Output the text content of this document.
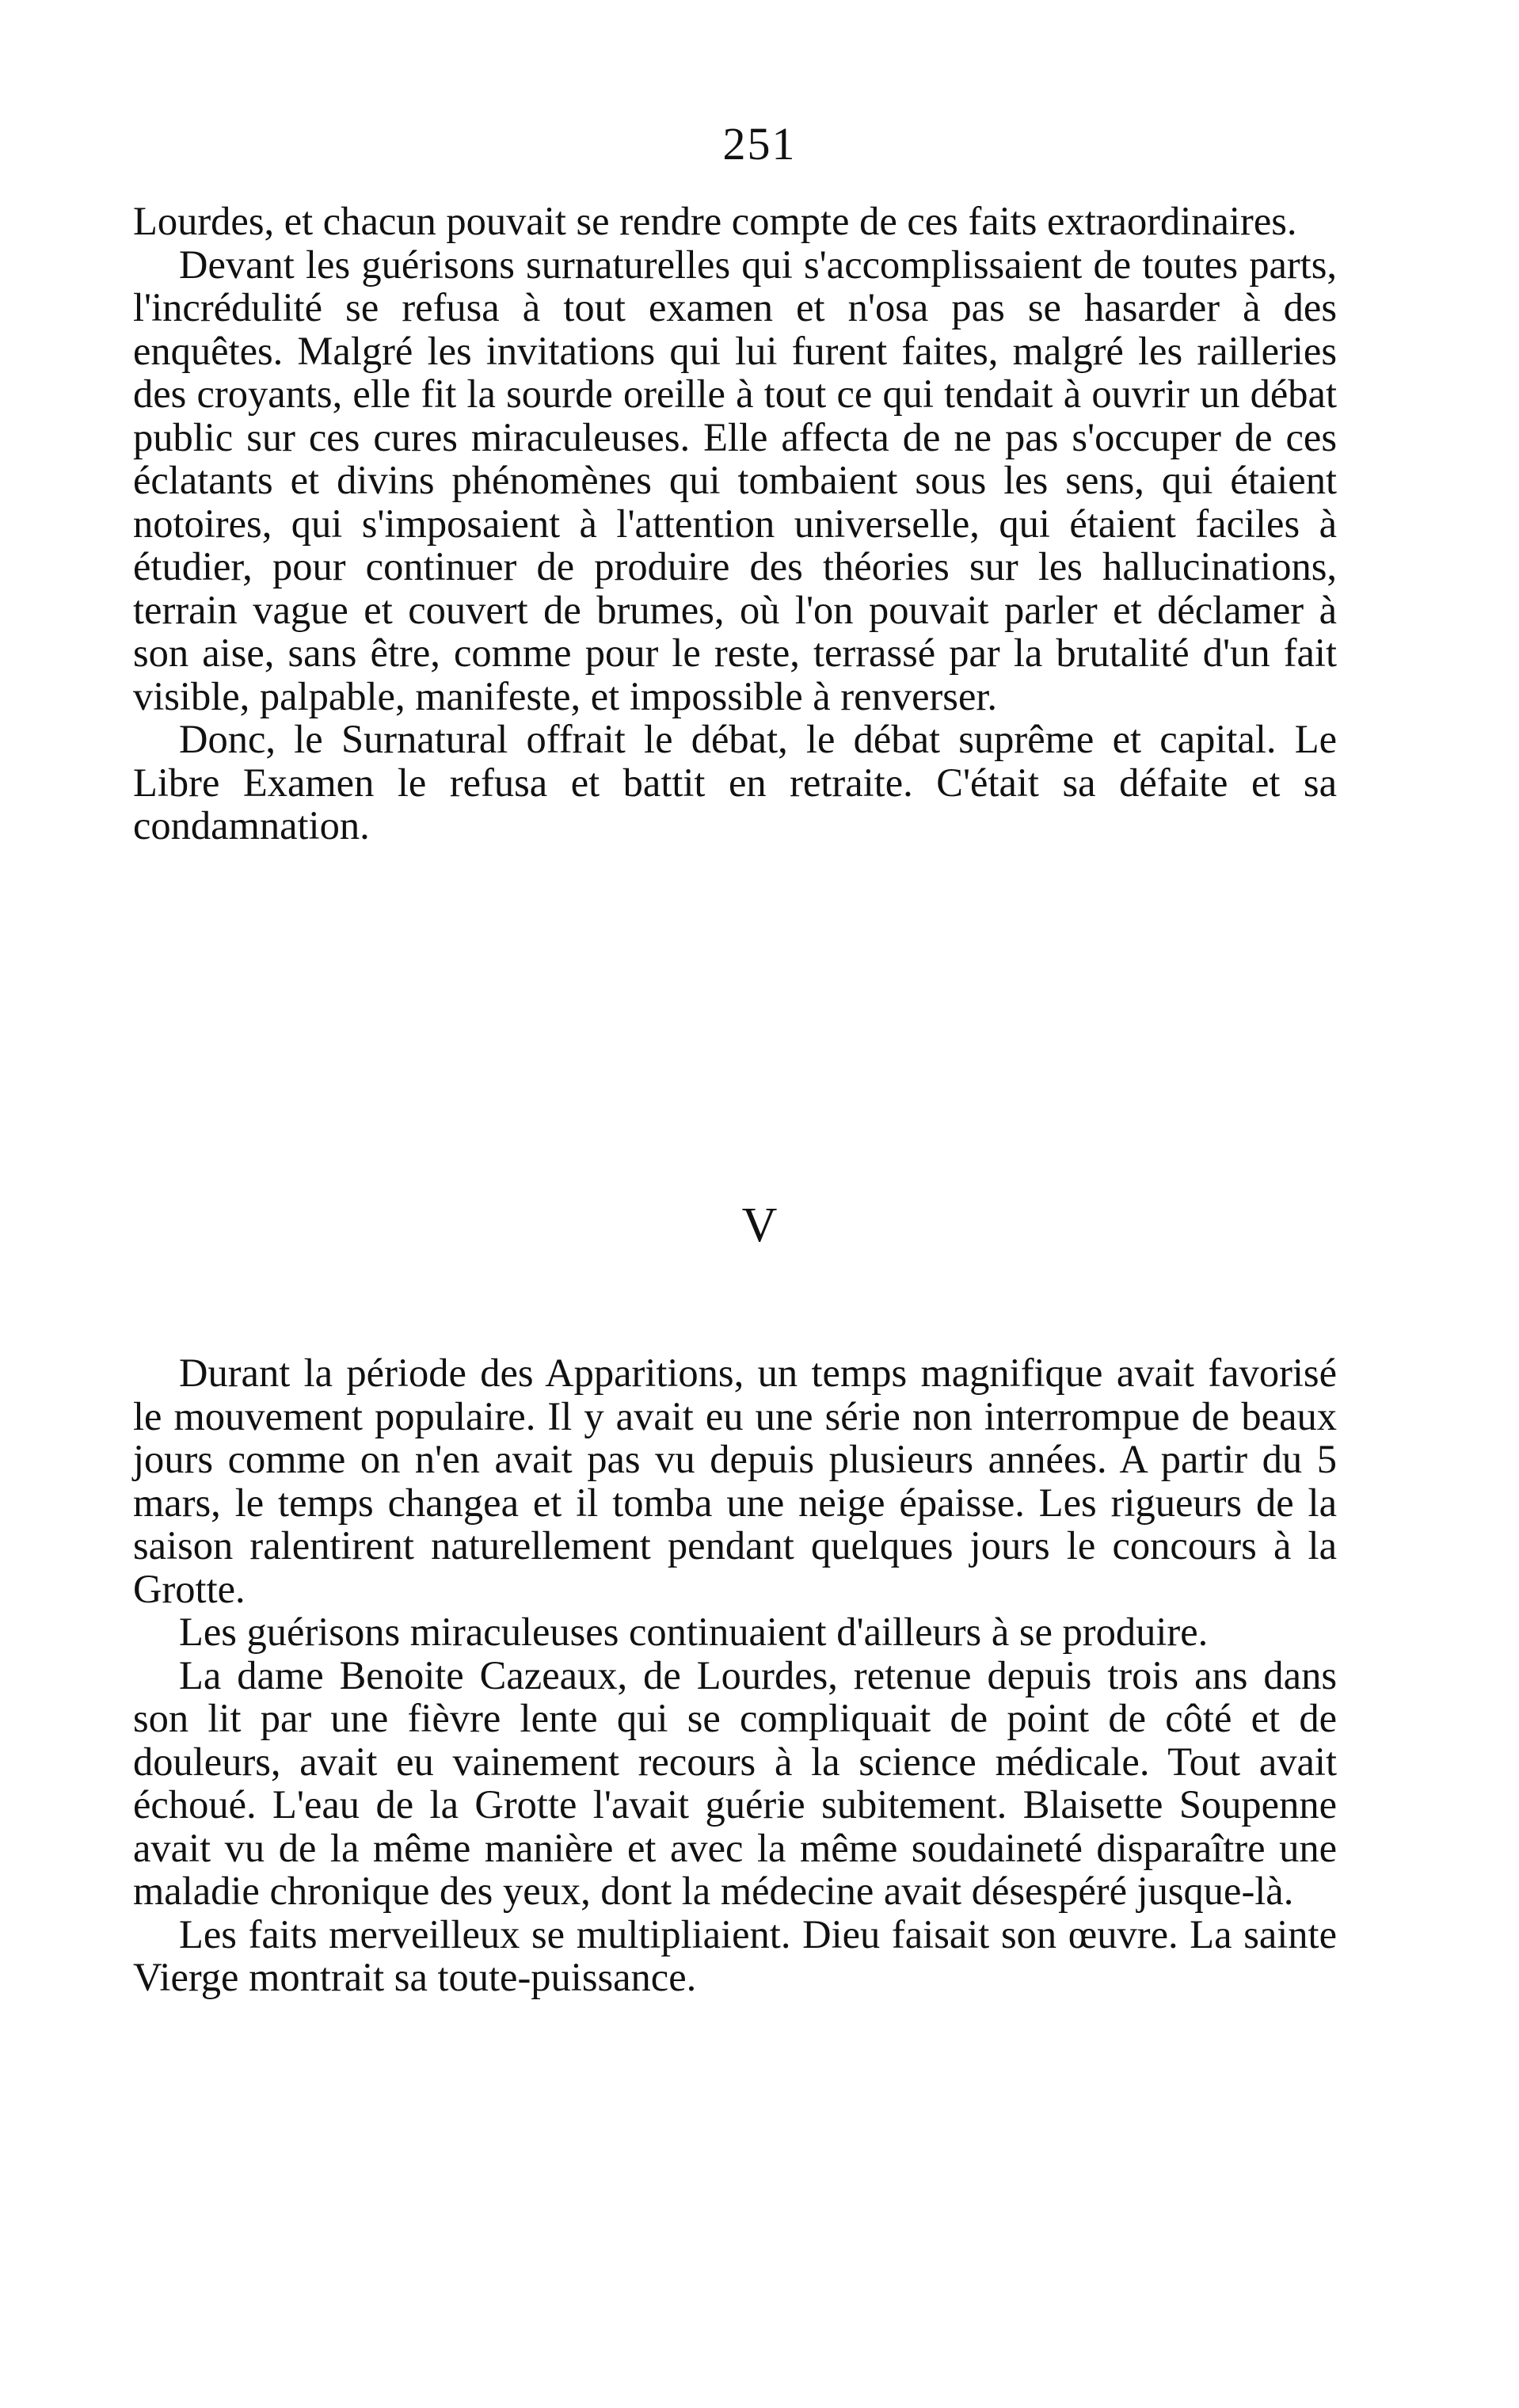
251

Lourdes, et chacun pouvait se rendre compte de ces faits extraordinaires.

Devant les guérisons surnaturelles qui s'accomplissaient de toutes parts, l'incrédulité se refusa à tout examen et n'osa pas se hasarder à des enquêtes. Malgré les invitations qui lui furent faites, malgré les railleries des croyants, elle fit la sourde oreille à tout ce qui tendait à ouvrir un débat public sur ces cures miraculeuses. Elle affecta de ne pas s'occuper de ces éclatants et divins phénomènes qui tombaient sous les sens, qui étaient notoires, qui s'imposaient à l'attention universelle, qui étaient faciles à étudier, pour continuer de produire des théories sur les hallucinations, terrain vague et couvert de brumes, où l'on pouvait parler et déclamer à son aise, sans être, comme pour le reste, terrassé par la brutalité d'un fait visible, palpable, manifeste, et impossible à renverser.

Donc, le Surnatural offrait le débat, le débat suprême et capital. Le Libre Examen le refusa et battit en retraite. C'était sa défaite et sa condamnation.

V

Durant la période des Apparitions, un temps magnifique avait favorisé le mouvement populaire. Il y avait eu une série non interrompue de beaux jours comme on n'en avait pas vu depuis plusieurs années. A partir du 5 mars, le temps changea et il tomba une neige épaisse. Les rigueurs de la saison ralentirent naturellement pendant quelques jours le concours à la Grotte.

Les guérisons miraculeuses continuaient d'ailleurs à se produire.

La dame Benoite Cazeaux, de Lourdes, retenue depuis trois ans dans son lit par une fièvre lente qui se compliquait de point de côté et de douleurs, avait eu vainement recours à la science médicale. Tout avait échoué. L'eau de la Grotte l'avait guérie subitement. Blaisette Soupenne avait vu de la même manière et avec la même soudaineté disparaître une maladie chronique des yeux, dont la médecine avait désespéré jusque-là.

Les faits merveilleux se multipliaient. Dieu faisait son œuvre. La sainte Vierge montrait sa toute-puissance.
